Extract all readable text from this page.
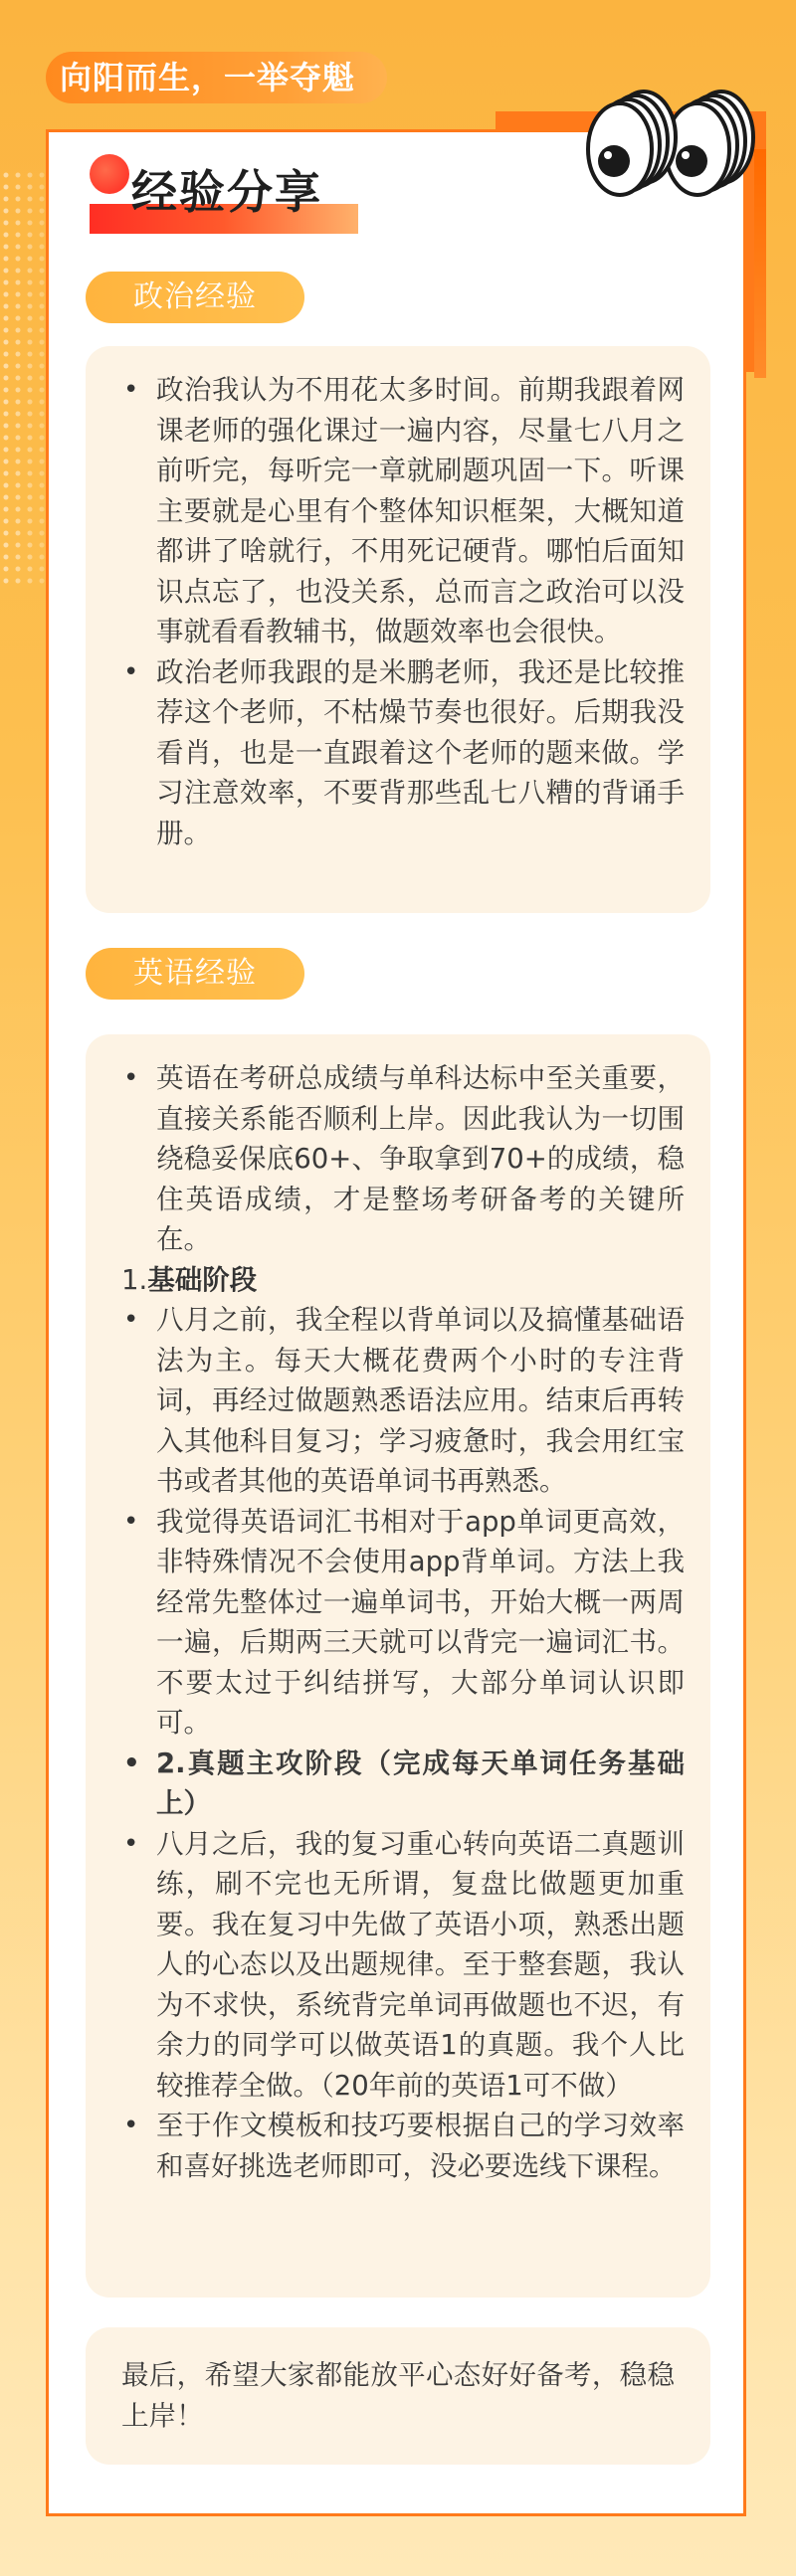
向阳而生，一举夺魁
经验分享
政治经验
• 政治我认为不用花太多时间。前期我跟着网课老师的强化课过一遍内容，尽量七八月之前听完，每听完一章就刷题巩固一下。听课主要就是心里有个整体知识框架，大概知道都讲了啥就行，不用死记硬背。哪怕后面知识点忘了，也没关系，总而言之政治可以没事就看看教辅书，做题效率也会很快。
• 政治老师我跟的是米鹏老师，我还是比较推荐这个老师，不枯燥节奏也很好。后期我没看肖，也是一直跟着这个老师的题来做。学习注意效率，不要背那些乱七八糟的背诵手册。
英语经验
• 英语在考研总成绩与单科达标中至关重要，直接关系能否顺利上岸。因此我认为一切围绕稳妥保底60+、争取拿到70+的成绩，稳住英语成绩，才是整场考研备考的关键所在。
1.基础阶段
• 八月之前，我全程以背单词以及搞懂基础语法为主。每天大概花费两个小时的专注背词，再经过做题熟悉语法应用。结束后再转入其他科目复习；学习疲惫时，我会用红宝书或者其他的英语单词书再熟悉。
• 我觉得英语词汇书相对于app单词更高效，非特殊情况不会使用app背单词。方法上我经常先整体过一遍单词书，开始大概一两周一遍，后期两三天就可以背完一遍词汇书。不要太过于纠结拼写，大部分单词认识即可。
• 2.真题主攻阶段（完成每天单词任务基础上）
• 八月之后，我的复习重心转向英语二真题训练，刷不完也无所谓，复盘比做题更加重要。我在复习中先做了英语小项，熟悉出题人的心态以及出题规律。至于整套题，我认为不求快，系统背完单词再做题也不迟，有余力的同学可以做英语1的真题。我个人比较推荐全做。（20年前的英语1可不做）
• 至于作文模板和技巧要根据自己的学习效率和喜好挑选老师即可，没必要选线下课程。
最后，希望大家都能放平心态好好备考，稳稳上岸！
